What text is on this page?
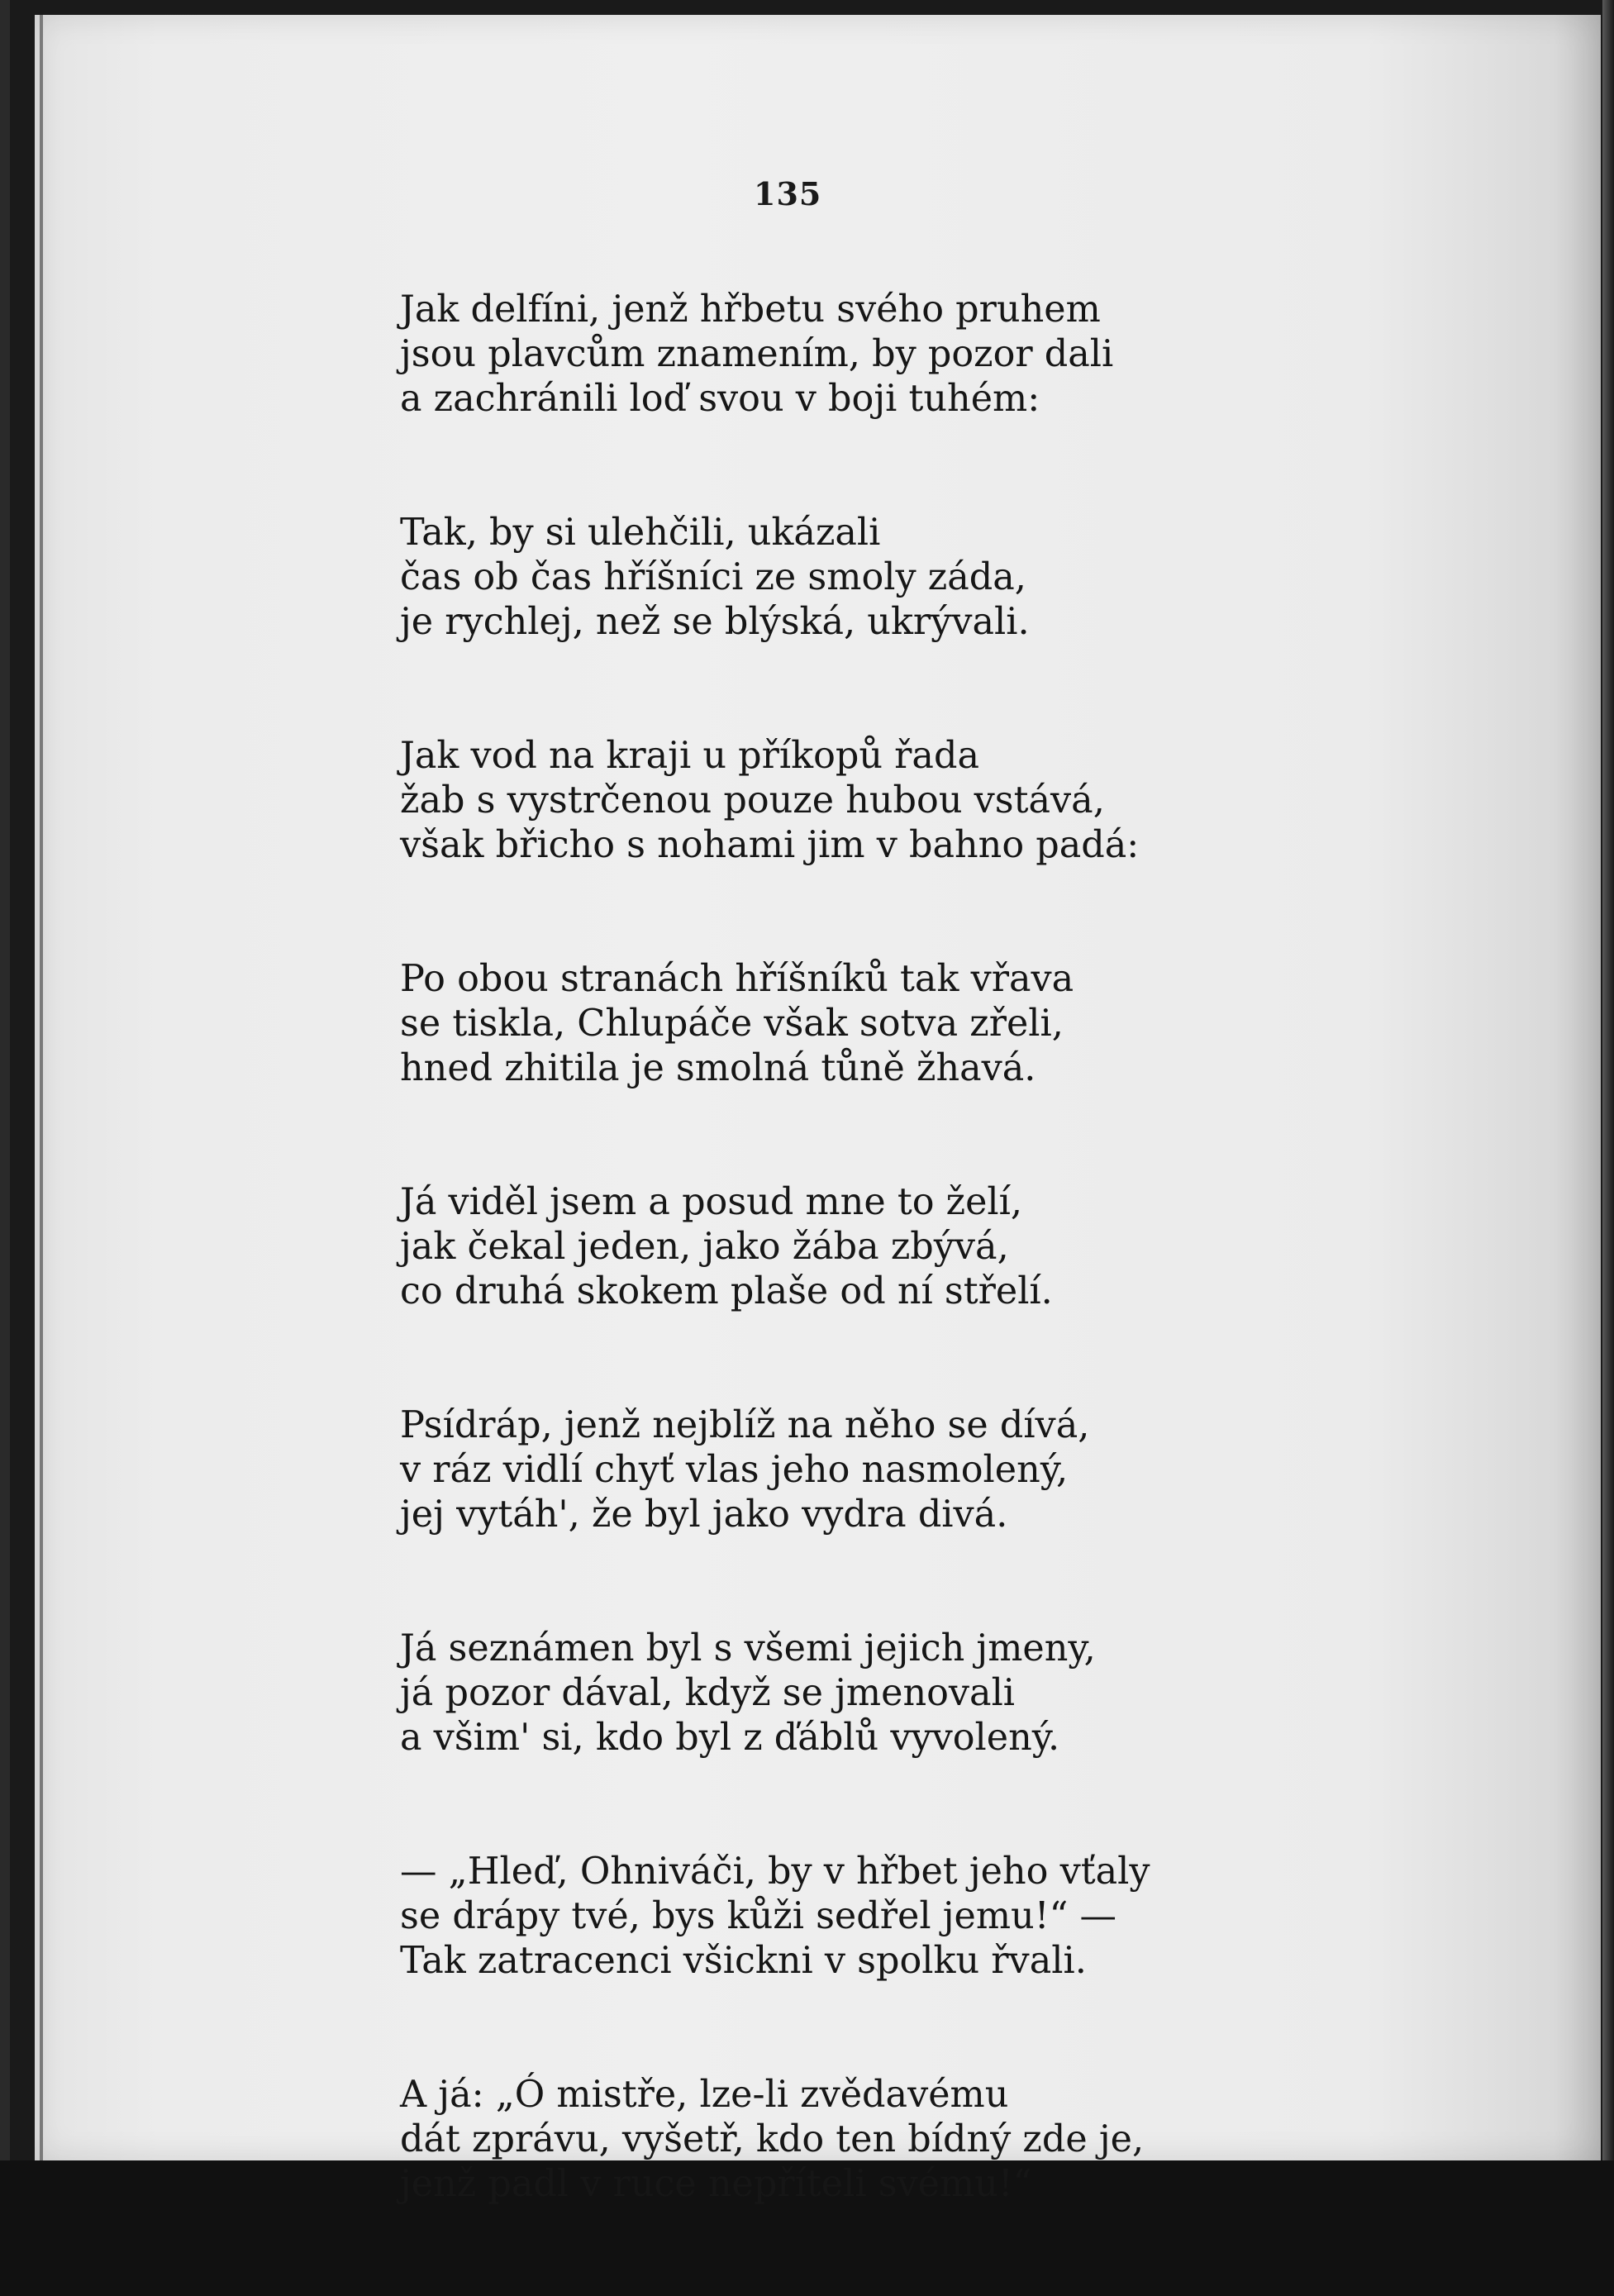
135
Jak delfíni, jenž hřbetu svého pruhem
jsou plavcům znamením, by pozor dali
a zachránili loď svou v boji tuhém:
Tak, by si ulehčili, ukázali
čas ob čas hříšníci ze smoly záda,
je rychlej, než se blýská, ukrývali.
Jak vod na kraji u příkopů řada
žab s vystrčenou pouze hubou vstává,
však břicho s nohami jim v bahno padá:
Po obou stranách hříšníků tak vřava
se tiskla, Chlupáče však sotva zřeli,
hned zhitila je smolná tůně žhavá.
Já viděl jsem a posud mne to želí,
jak čekal jeden, jako žába zbývá,
co druhá skokem plaše od ní střelí.
Psídráp, jenž nejblíž na něho se dívá,
v ráz vidlí chyť vlas jeho nasmolený,
jej vytáh', že byl jako vydra divá.
Já seznámen byl s všemi jejich jmeny,
já pozor dával, když se jmenovali
a všim' si, kdo byl z ďáblů vyvolený.
— „Hleď, Ohniváči, by v hřbet jeho vťaly
se drápy tvé, bys kůži sedřel jemu!“ —
Tak zatracenci všickni v spolku řvali.
A já: „Ó mistře, lze-li zvědavému
dát zprávu, vyšetř, kdo ten bídný zde je,
jenž padl v ruce nepříteli svému!“
